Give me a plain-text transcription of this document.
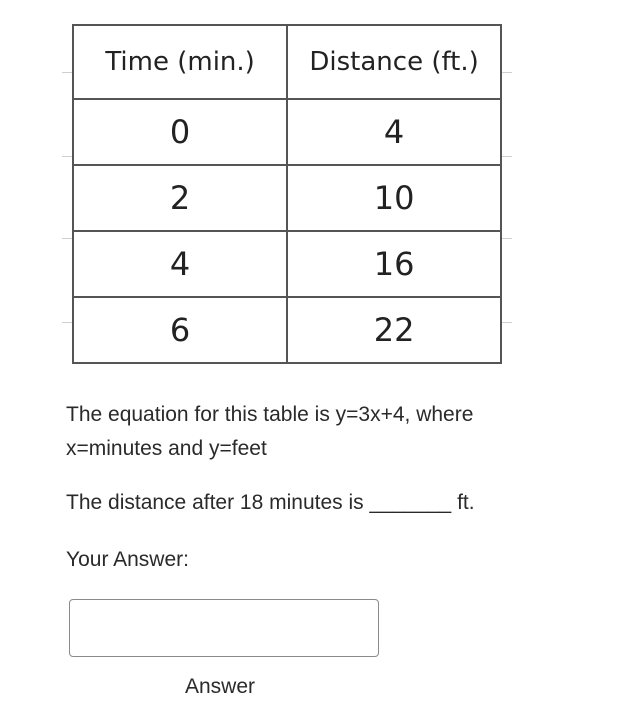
Time (min.)	Distance (ft.)
0	4
2	10
4	16
6	22
The equation for this table is y=3x+4, where
x=minutes and y=feet
The distance after 18 minutes is _______ ft.
Your Answer:
Answer
